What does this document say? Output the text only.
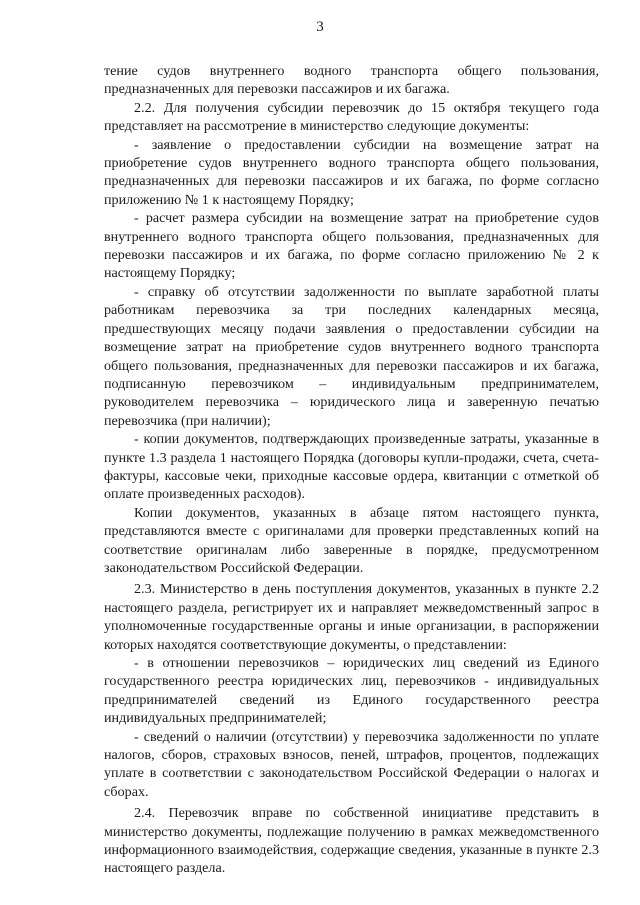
3

тение судов внутреннего водного транспорта общего пользования, предназначенных для перевозки пассажиров и их багажа.

2.2. Для получения субсидии перевозчик до 15 октября текущего года представляет на рассмотрение в министерство следующие документы:

- заявление о предоставлении субсидии на возмещение затрат на приобретение судов внутреннего водного транспорта общего пользования, предназначенных для перевозки пассажиров и их багажа, по форме согласно приложению № 1 к настоящему Порядку;

- расчет размера субсидии на возмещение затрат на приобретение судов внутреннего водного транспорта общего пользования, предназначенных для перевозки пассажиров и их багажа, по форме согласно приложению № 2 к настоящему Порядку;

- справку об отсутствии задолженности по выплате заработной платы работникам перевозчика за три последних календарных месяца, предшествующих месяцу подачи заявления о предоставлении субсидии на возмещение затрат на приобретение судов внутреннего водного транспорта общего пользования, предназначенных для перевозки пассажиров и их багажа, подписанную перевозчиком – индивидуальным предпринимателем, руководителем перевозчика – юридического лица и заверенную печатью перевозчика (при наличии);

- копии документов, подтверждающих произведенные затраты, указанные в пункте 1.3 раздела 1 настоящего Порядка (договоры купли-продажи, счета, счета-фактуры, кассовые чеки, приходные кассовые ордера, квитанции с отметкой об оплате произведенных расходов).

Копии документов, указанных в абзаце пятом настоящего пункта, представляются вместе с оригиналами для проверки представленных копий на соответствие оригиналам либо заверенные в порядке, предусмотренном законодательством Российской Федерации.

2.3. Министерство в день поступления документов, указанных в пункте 2.2 настоящего раздела, регистрирует их и направляет межведомственный запрос в уполномоченные государственные органы и иные организации, в распоряжении которых находятся соответствующие документы, о представлении:

- в отношении перевозчиков – юридических лиц сведений из Единого государственного реестра юридических лиц, перевозчиков - индивидуальных предпринимателей сведений из Единого государственного реестра индивидуальных предпринимателей;

- сведений о наличии (отсутствии) у перевозчика задолженности по уплате налогов, сборов, страховых взносов, пеней, штрафов, процентов, подлежащих уплате в соответствии с законодательством Российской Федерации о налогах и сборах.

2.4. Перевозчик вправе по собственной инициативе представить в министерство документы, подлежащие получению в рамках межведомственного информационного взаимодействия, содержащие сведения, указанные в пункте 2.3 настоящего раздела.
